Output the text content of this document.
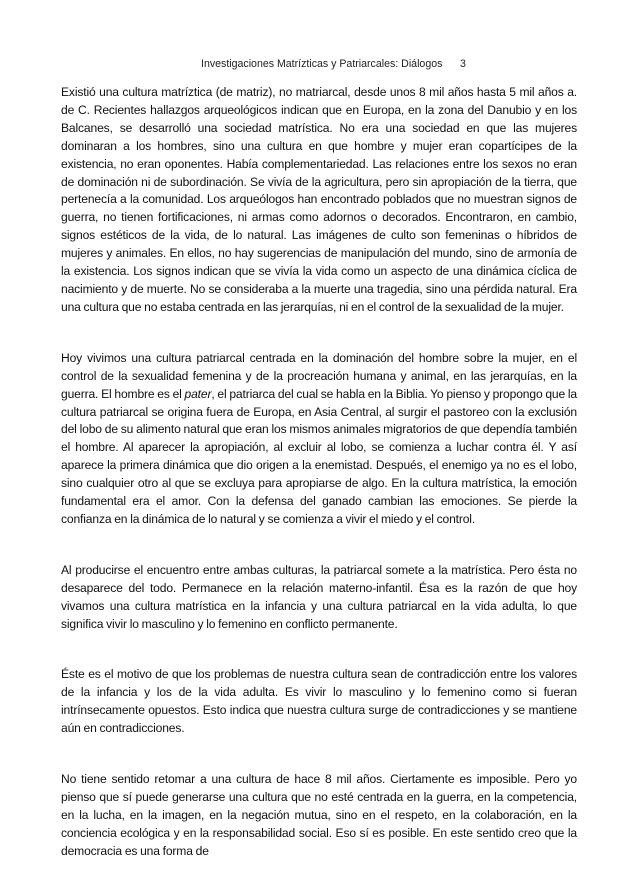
Investigaciones Matrízticas y Patriarcales: Diálogos 3

Existió una cultura matríztica (de matriz), no matriarcal, desde unos 8 mil años hasta 5 mil años a. de C. Recientes hallazgos arqueológicos indican que en Europa, en la zona del Danubio y en los Balcanes, se desarrolló una sociedad matrística. No era una sociedad en que las mujeres dominaran a los hombres, sino una cultura en que hombre y mujer eran copartícipes de la existencia, no eran oponentes. Había complementariedad. Las relaciones entre los sexos no eran de dominación ni de subordinación. Se vivía de la agricultura, pero sin apropiación de la tierra, que pertenecía a la comunidad. Los arqueólogos han encontrado poblados que no muestran signos de guerra, no tienen fortificaciones, ni armas como adornos o decorados. Encontraron, en cambio, signos estéticos de la vida, de lo natural. Las imágenes de culto son femeninas o híbridos de mujeres y animales. En ellos, no hay sugerencias de manipulación del mundo, sino de armonía de la existencia. Los signos indican que se vivía la vida como un aspecto de una dinámica cíclica de nacimiento y de muerte. No se consideraba a la muerte una tragedia, sino una pérdida natural. Era una cultura que no estaba centrada en las jerarquías, ni en el control de la sexualidad de la mujer.

Hoy vivimos una cultura patriarcal centrada en la dominación del hombre sobre la mujer, en el control de la sexualidad femenina y de la procreación humana y animal, en las jerarquías, en la guerra. El hombre es el pater, el patriarca del cual se habla en la Biblia. Yo pienso y propongo que la cultura patriarcal se origina fuera de Europa, en Asia Central, al surgir el pastoreo con la exclusión del lobo de su alimento natural que eran los mismos animales migratorios de que dependía también el hombre. Al aparecer la apropiación, al excluir al lobo, se comienza a luchar contra él. Y así aparece la primera dinámica que dio origen a la enemistad. Después, el enemigo ya no es el lobo, sino cualquier otro al que se excluya para apropiarse de algo. En la cultura matrística, la emoción fundamental era el amor. Con la defensa del ganado cambian las emociones. Se pierde la confianza en la dinámica de lo natural y se comienza a vivir el miedo y el control.

Al producirse el encuentro entre ambas culturas, la patriarcal somete a la matrística. Pero ésta no desaparece del todo. Permanece en la relación materno-infantil. Ésa es la razón de que hoy vivamos una cultura matrística en la infancia y una cultura patriarcal en la vida adulta, lo que significa vivir lo masculino y lo femenino en conflicto permanente.

Éste es el motivo de que los problemas de nuestra cultura sean de contradicción entre los valores de la infancia y los de la vida adulta. Es vivir lo masculino y lo femenino como si fueran intrínsecamente opuestos. Esto indica que nuestra cultura surge de contradicciones y se mantiene aún en contradicciones.

No tiene sentido retomar a una cultura de hace 8 mil años. Ciertamente es imposible. Pero yo pienso que sí puede generarse una cultura que no esté centrada en la guerra, en la competencia, en la lucha, en la imagen, en la negación mutua, sino en el respeto, en la colaboración, en la conciencia ecológica y en la responsabilidad social. Eso sí es posible. En este sentido creo que la democracia es una forma de
